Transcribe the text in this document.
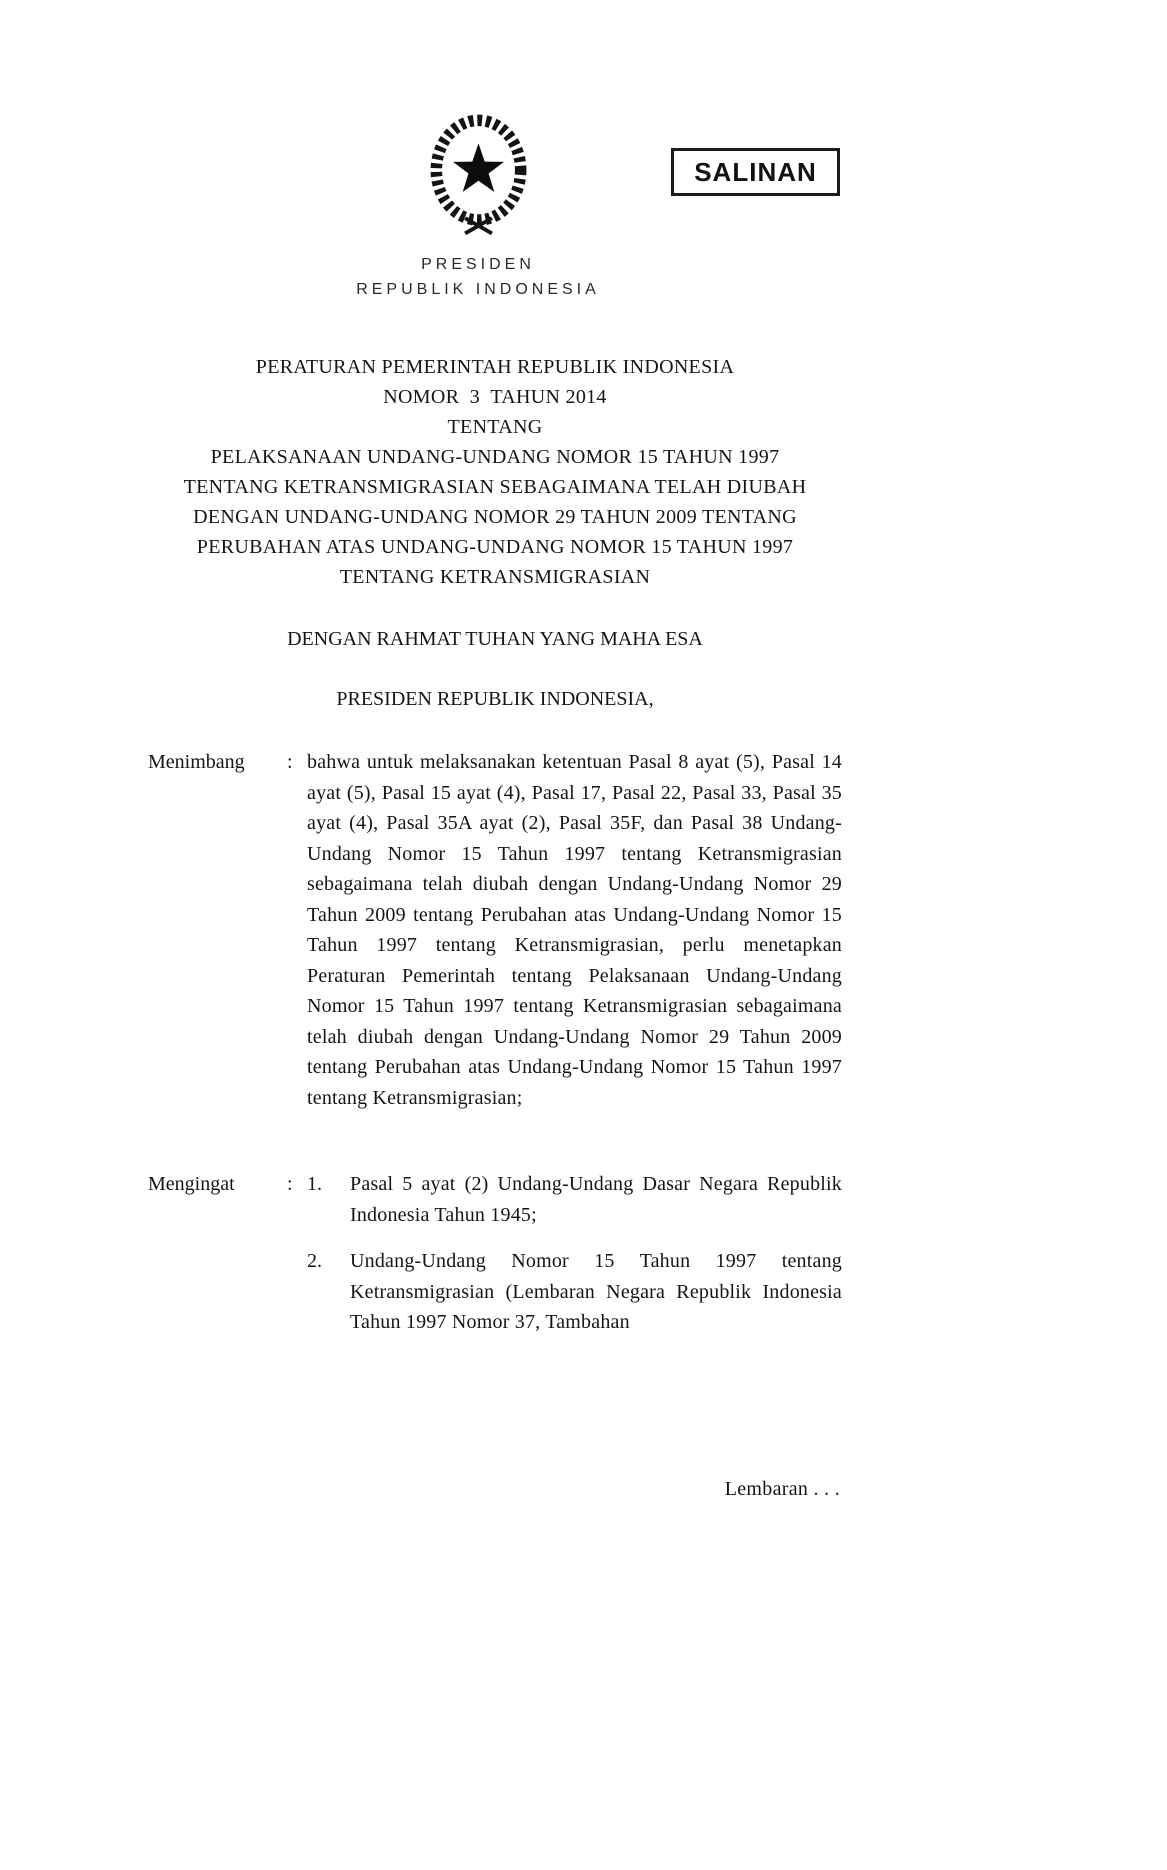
SALINAN
PRESIDEN
REPUBLIK INDONESIA
PERATURAN PEMERINTAH REPUBLIK INDONESIA
NOMOR  3  TAHUN 2014
TENTANG
PELAKSANAAN UNDANG-UNDANG NOMOR 15 TAHUN 1997
TENTANG KETRANSMIGRASIAN SEBAGAIMANA TELAH DIUBAH
DENGAN UNDANG-UNDANG NOMOR 29 TAHUN 2009 TENTANG
PERUBAHAN ATAS UNDANG-UNDANG NOMOR 15 TAHUN 1997
TENTANG KETRANSMIGRASIAN
DENGAN RAHMAT TUHAN YANG MAHA ESA
PRESIDEN REPUBLIK INDONESIA,
Menimbang	: bahwa untuk melaksanakan ketentuan Pasal 8 ayat (5), Pasal 14 ayat (5), Pasal 15 ayat (4), Pasal 17, Pasal 22, Pasal 33, Pasal 35 ayat (4), Pasal 35A ayat (2), Pasal 35F, dan Pasal 38 Undang-Undang Nomor 15 Tahun 1997 tentang Ketransmigrasian sebagaimana telah diubah dengan Undang-Undang Nomor 29 Tahun 2009 tentang Perubahan atas Undang-Undang Nomor 15 Tahun 1997 tentang Ketransmigrasian, perlu menetapkan Peraturan Pemerintah tentang Pelaksanaan Undang-Undang Nomor 15 Tahun 1997 tentang Ketransmigrasian sebagaimana telah diubah dengan Undang-Undang Nomor 29 Tahun 2009 tentang Perubahan atas Undang-Undang Nomor 15 Tahun 1997 tentang Ketransmigrasian;
Mengingat	: 1.	Pasal 5 ayat (2) Undang-Undang Dasar Negara Republik Indonesia Tahun 1945;
2.	Undang-Undang Nomor 15 Tahun 1997 tentang Ketransmigrasian (Lembaran Negara Republik Indonesia Tahun 1997 Nomor 37, Tambahan
Lembaran . . .
